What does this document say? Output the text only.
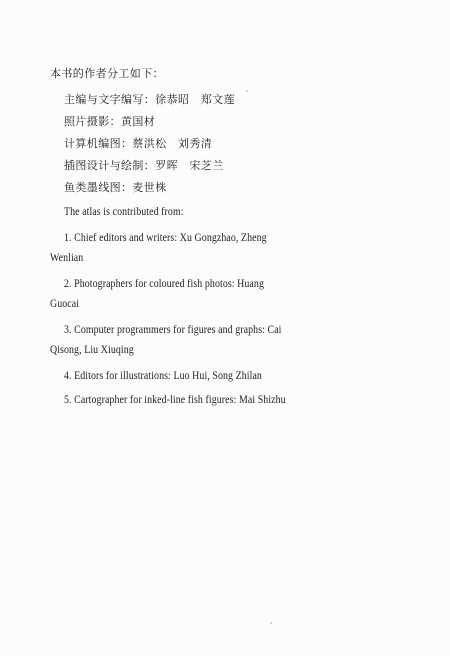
本书的作者分工如下：
主编与文字编写：徐恭昭　郑文莲
照片摄影：黄国材
计算机编图：蔡洪松　刘秀清
插图设计与绘制：罗晖　宋芝兰
鱼类墨线图：麦世株
The atlas is contributed from:
1. Chief editors and writers: Xu Gongzhao, Zheng
Wenlian
2. Photographers for coloured fish photos: Huang
Guocai
3. Computer programmers for figures and graphs: Cai
Qisong, Liu Xiuqing
4. Editors for illustrations: Luo Hui, Song Zhilan
5. Cartographer for inked-line fish figures: Mai Shizhu
